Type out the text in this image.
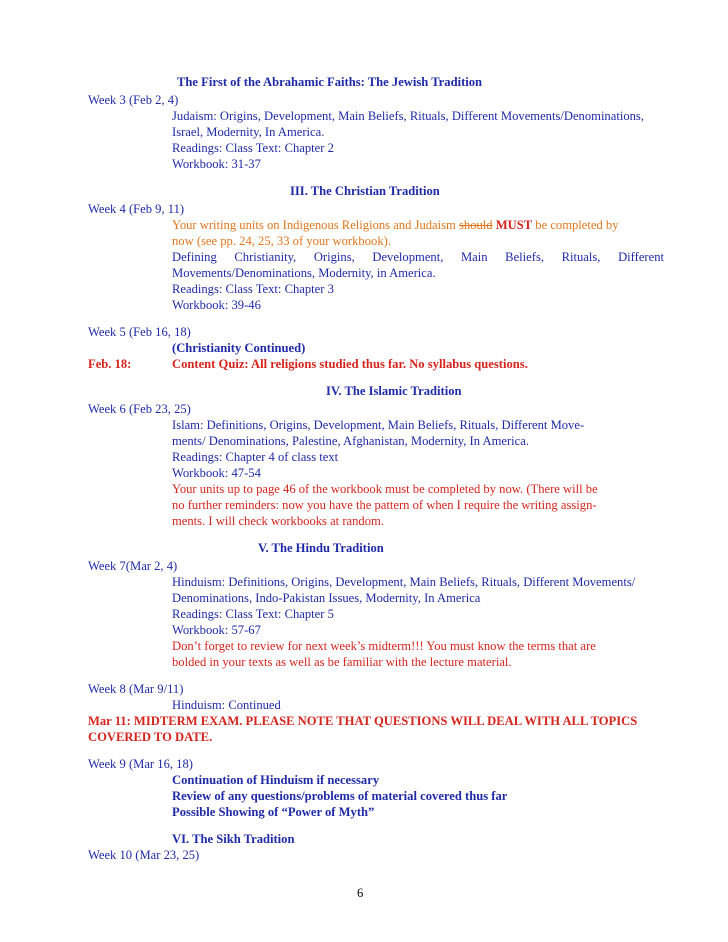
The First of the Abrahamic Faiths: The Jewish Tradition
Week 3 (Feb 2, 4)
Judaism: Origins, Development, Main Beliefs, Rituals, Different Movements/Denominations,
Israel, Modernity, In America.
Readings: Class Text: Chapter 2
Workbook: 31-37
III. The Christian Tradition
Week 4 (Feb 9, 11)
Your writing units on Indigenous Religions and Judaism should MUST be completed by
now (see pp. 24, 25, 33 of your workbook).
Defining Christianity, Origins, Development, Main Beliefs, Rituals, Different
Movements/Denominations, Modernity, in America.
Readings: Class Text: Chapter 3
Workbook: 39-46
Week 5 (Feb 16, 18)
(Christianity Continued)
Feb. 18:	Content Quiz: All religions studied thus far. No syllabus questions.
IV. The Islamic Tradition
Week 6 (Feb 23, 25)
Islam: Definitions, Origins, Development, Main Beliefs, Rituals, Different Move-
ments/ Denominations, Palestine, Afghanistan, Modernity, In America.
Readings: Chapter 4 of class text
Workbook: 47-54
Your units up to page 46 of the workbook must be completed by now. (There will be
no further reminders: now you have the pattern of when I require the writing assign-
ments. I will check workbooks at random.
V. The Hindu Tradition
Week 7(Mar 2, 4)
Hinduism: Definitions, Origins, Development, Main Beliefs, Rituals, Different Movements/
Denominations, Indo-Pakistan Issues, Modernity, In America
Readings: Class Text: Chapter 5
Workbook: 57-67
Don’t forget to review for next week’s midterm!!! You must know the terms that are
bolded in your texts as well as be familiar with the lecture material.
Week 8 (Mar 9/11)
Hinduism: Continued
Mar 11: MIDTERM EXAM. PLEASE NOTE THAT QUESTIONS WILL DEAL WITH ALL TOPICS
COVERED TO DATE.
Week 9 (Mar 16, 18)
Continuation of Hinduism if necessary
Review of any questions/problems of material covered thus far
Possible Showing of “Power of Myth”
VI. The Sikh Tradition
Week 10 (Mar 23, 25)
6
